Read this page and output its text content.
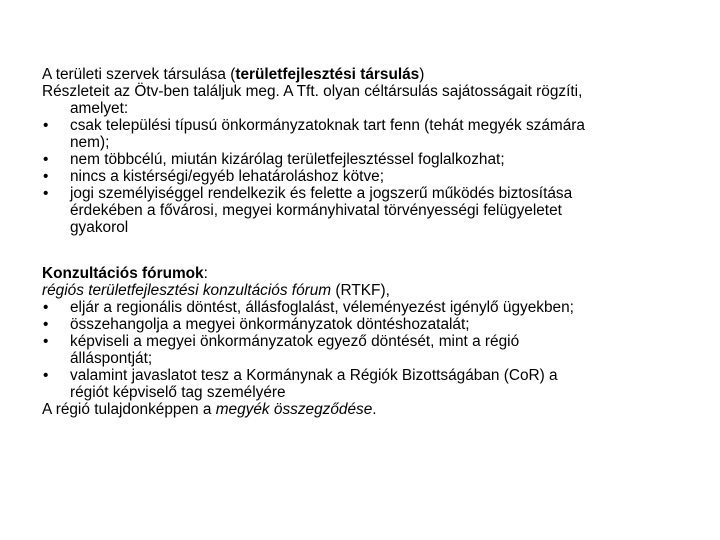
A területi szervek társulása (területfejlesztési társulás)
Részleteit az Ötv-ben találjuk meg. A Tft. olyan céltársulás sajátosságait rögzíti,
amelyet:
• csak települési típusú önkormányzatoknak tart fenn (tehát megyék számára
nem);
• nem többcélú, miután kizárólag területfejlesztéssel foglalkozhat;
• nincs a kistérségi/egyéb lehatároláshoz kötve;
• jogi személyiséggel rendelkezik és felette a jogszerű működés biztosítása
érdekében a fővárosi, megyei kormányhivatal törvényességi felügyeletet
gyakorol
Konzultációs fórumok:
régiós területfejlesztési konzultációs fórum (RTKF),
• eljár a regionális döntést, állásfoglalást, véleményezést igénylő ügyekben;
• összehangolja a megyei önkormányzatok döntéshozatalát;
• képviseli a megyei önkormányzatok egyező döntését, mint a régió
álláspontját;
• valamint javaslatot tesz a Kormánynak a Régiók Bizottságában (CoR) a
régiót képviselő tag személyére
A régió tulajdonképpen a megyék összegződése.
